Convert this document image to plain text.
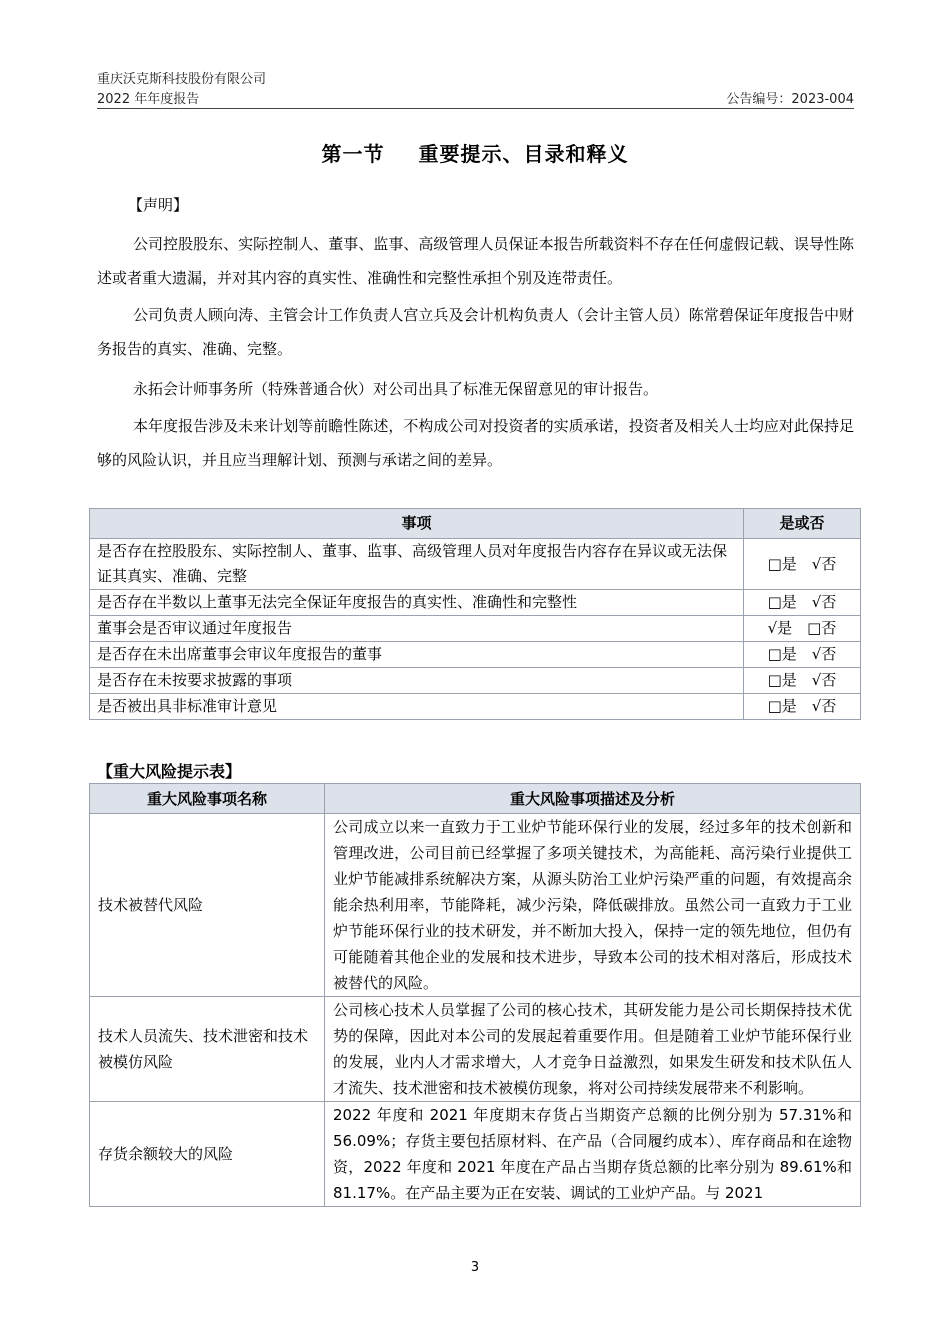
重庆沃克斯科技股份有限公司
2022 年年度报告	公告编号：2023-004
第一节 重要提示、目录和释义
【声明】
公司控股股东、实际控制人、董事、监事、高级管理人员保证本报告所载资料不存在任何虚假记载、误导性陈述或者重大遗漏，并对其内容的真实性、准确性和完整性承担个别及连带责任。
公司负责人顾向涛、主管会计工作负责人宫立兵及会计机构负责人（会计主管人员）陈常碧保证年度报告中财务报告的真实、准确、完整。
永拓会计师事务所（特殊普通合伙）对公司出具了标准无保留意见的审计报告。
本年度报告涉及未来计划等前瞻性陈述，不构成公司对投资者的实质承诺，投资者及相关人士均应对此保持足够的风险认识，并且应当理解计划、预测与承诺之间的差异。
事项	是或否
是否存在控股股东、实际控制人、董事、监事、高级管理人员对年度报告内容存在异议或无法保证其真实、准确、完整	□是　√否
是否存在半数以上董事无法完全保证年度报告的真实性、准确性和完整性	□是　√否
董事会是否审议通过年度报告	√是　□否
是否存在未出席董事会审议年度报告的董事	□是　√否
是否存在未按要求披露的事项	□是　√否
是否被出具非标准审计意见	□是　√否
【重大风险提示表】
重大风险事项名称	重大风险事项描述及分析
技术被替代风险	公司成立以来一直致力于工业炉节能环保行业的发展，经过多年的技术创新和管理改进，公司目前已经掌握了多项关键技术，为高能耗、高污染行业提供工业炉节能减排系统解决方案，从源头防治工业炉污染严重的问题，有效提高余能余热利用率，节能降耗，减少污染，降低碳排放。虽然公司一直致力于工业炉节能环保行业的技术研发，并不断加大投入，保持一定的领先地位，但仍有可能随着其他企业的发展和技术进步，导致本公司的技术相对落后，形成技术被替代的风险。
技术人员流失、技术泄密和技术被模仿风险	公司核心技术人员掌握了公司的核心技术，其研发能力是公司长期保持技术优势的保障，因此对本公司的发展起着重要作用。但是随着工业炉节能环保行业的发展，业内人才需求增大，人才竞争日益激烈，如果发生研发和技术队伍人才流失、技术泄密和技术被模仿现象，将对公司持续发展带来不利影响。
存货余额较大的风险	2022 年度和 2021 年度期末存货占当期资产总额的比例分别为 57.31%和 56.09%；存货主要包括原材料、在产品（合同履约成本）、库存商品和在途物资，2022 年度和 2021 年度在产品占当期存货总额的比率分别为 89.61%和 81.17%。在产品主要为正在安装、调试的工业炉产品。与 2021
3
